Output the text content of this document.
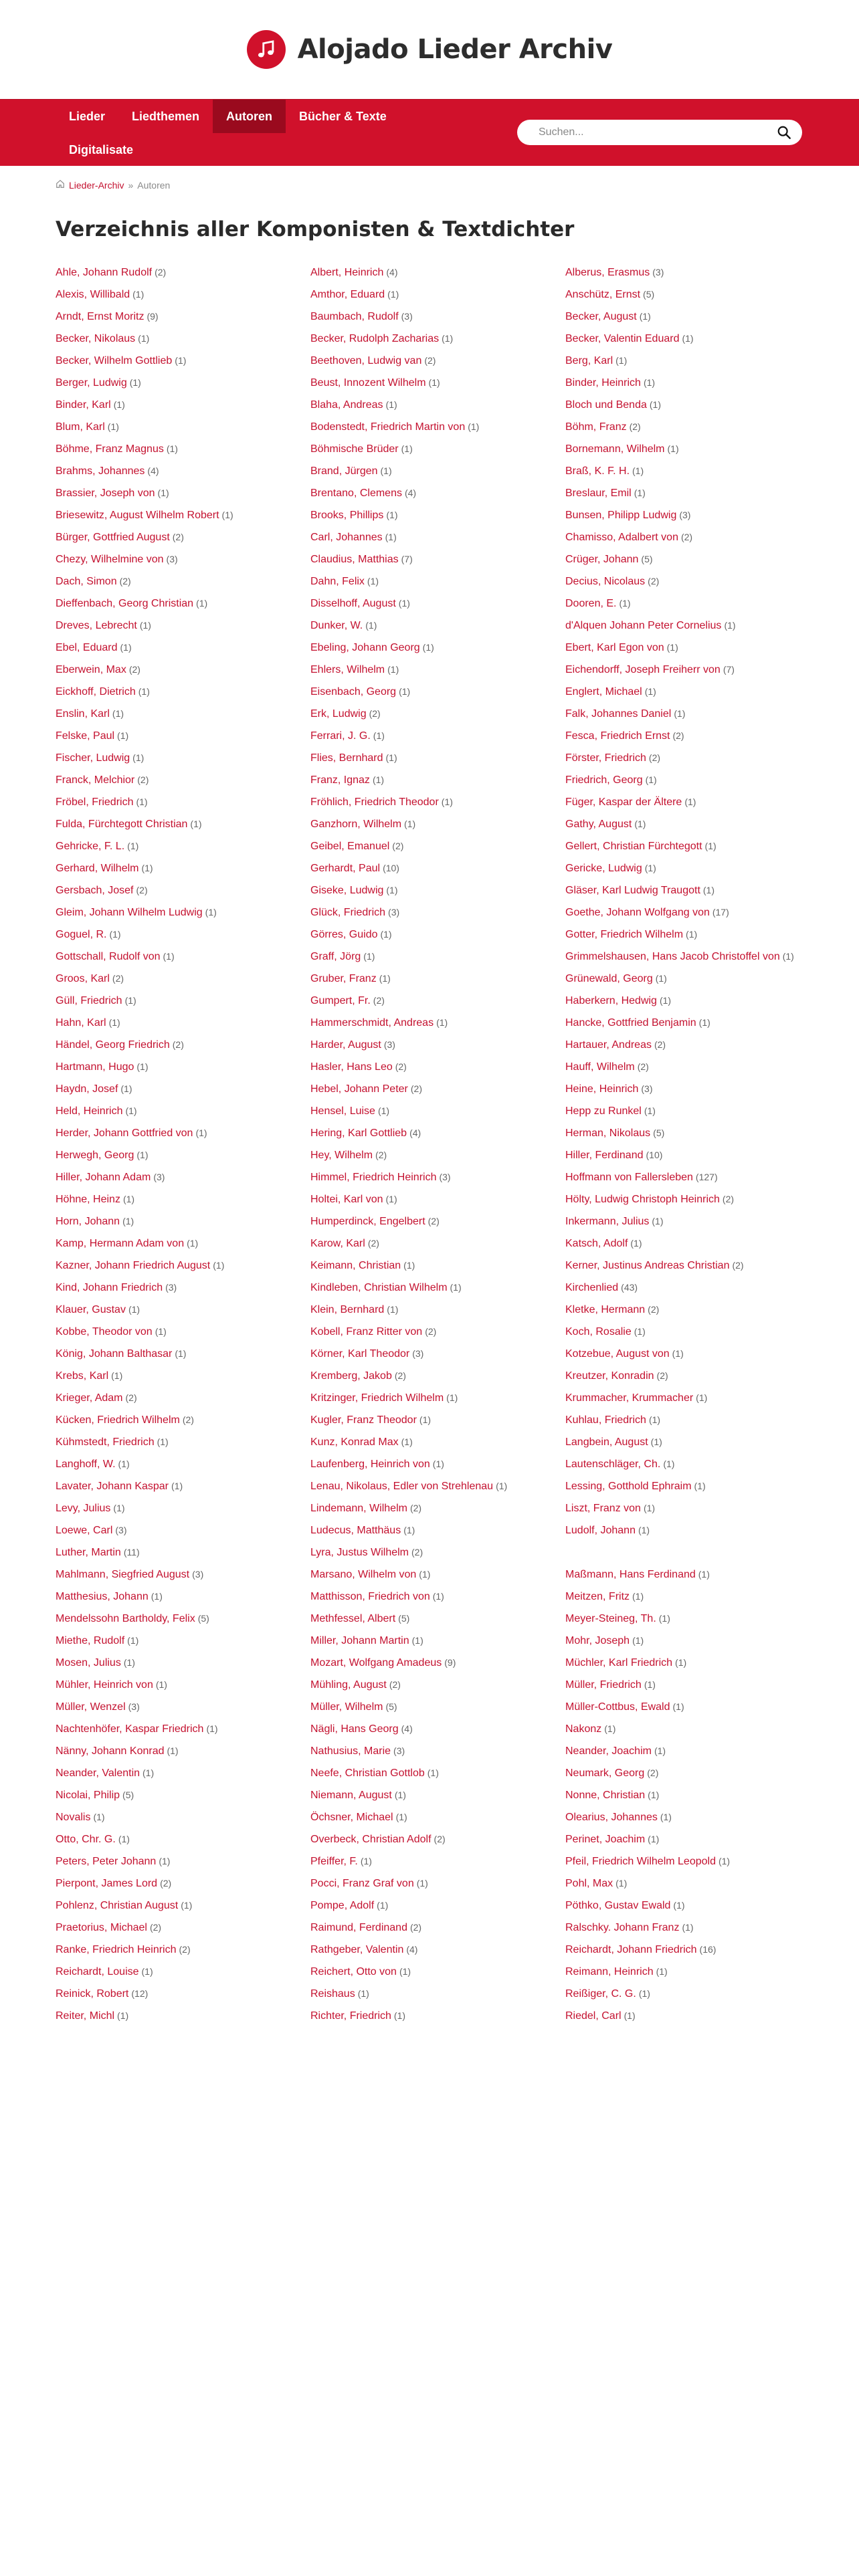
Alojado Lieder Archiv
Lieder	Liedthemen	Autoren	Bücher & Texte
Digitalisate
Suchen...
Lieder-Archiv » Autoren
Verzeichnis aller Komponisten & Textdichter
Ahle, Johann Rudolf (2)	Albert, Heinrich (4)	Alberus, Erasmus (3)
Alexis, Willibald (1)	Amthor, Eduard (1)	Anschütz, Ernst (5)
Arndt, Ernst Moritz (9)	Baumbach, Rudolf (3)	Becker, August (1)
Becker, Nikolaus (1)	Becker, Rudolph Zacharias (1)	Becker, Valentin Eduard (1)
Becker, Wilhelm Gottlieb (1)	Beethoven, Ludwig van (2)	Berg, Karl (1)
Berger, Ludwig (1)	Beust, Innozent Wilhelm (1)	Binder, Heinrich (1)
Binder, Karl (1)	Blaha, Andreas (1)	Bloch und Benda (1)
Blum, Karl (1)	Bodenstedt, Friedrich Martin von (1)	Böhm, Franz (2)
Böhme, Franz Magnus (1)	Böhmische Brüder (1)	Bornemann, Wilhelm (1)
Brahms, Johannes (4)	Brand, Jürgen (1)	Braß, K. F. H. (1)
Brassier, Joseph von (1)	Brentano, Clemens (4)	Breslaur, Emil (1)
Briesewitz, August Wilhelm Robert (1)	Brooks, Phillips (1)	Bunsen, Philipp Ludwig (3)
Bürger, Gottfried August (2)	Carl, Johannes (1)	Chamisso, Adalbert von (2)
Chezy, Wilhelmine von (3)	Claudius, Matthias (7)	Crüger, Johann (5)
Dach, Simon (2)	Dahn, Felix (1)	Decius, Nicolaus (2)
Dieffenbach, Georg Christian (1)	Disselhoff, August (1)	Dooren, E. (1)
Dreves, Lebrecht (1)	Dunker, W. (1)	d'Alquen Johann Peter Cornelius (1)
Ebel, Eduard (1)	Ebeling, Johann Georg (1)	Ebert, Karl Egon von (1)
Eberwein, Max (2)	Ehlers, Wilhelm (1)	Eichendorff, Joseph Freiherr von (7)
Eickhoff, Dietrich (1)	Eisenbach, Georg (1)	Englert, Michael (1)
Enslin, Karl (1)	Erk, Ludwig (2)	Falk, Johannes Daniel (1)
Felske, Paul (1)	Ferrari, J. G. (1)	Fesca, Friedrich Ernst (2)
Fischer, Ludwig (1)	Flies, Bernhard (1)	Förster, Friedrich (2)
Franck, Melchior (2)	Franz, Ignaz (1)	Friedrich, Georg (1)
Fröbel, Friedrich (1)	Fröhlich, Friedrich Theodor (1)	Füger, Kaspar der Ältere (1)
Fulda, Fürchtegott Christian (1)	Ganzhorn, Wilhelm (1)	Gathy, August (1)
Gehricke, F. L. (1)	Geibel, Emanuel (2)	Gellert, Christian Fürchtegott (1)
Gerhard, Wilhelm (1)	Gerhardt, Paul (10)	Gericke, Ludwig (1)
Gersbach, Josef (2)	Giseke, Ludwig (1)	Gläser, Karl Ludwig Traugott (1)
Gleim, Johann Wilhelm Ludwig (1)	Glück, Friedrich (3)	Goethe, Johann Wolfgang von (17)
Goguel, R. (1)	Görres, Guido (1)	Gotter, Friedrich Wilhelm (1)
Gottschall, Rudolf von (1)	Graff, Jörg (1)	Grimmelshausen, Hans Jacob Christoffel von (1)
Groos, Karl (2)	Gruber, Franz (1)	Grünewald, Georg (1)
Güll, Friedrich (1)	Gumpert, Fr. (2)	Haberkern, Hedwig (1)
Hahn, Karl (1)	Hammerschmidt, Andreas (1)	Hancke, Gottfried Benjamin (1)
Händel, Georg Friedrich (2)	Harder, August (3)	Hartauer, Andreas (2)
Hartmann, Hugo (1)	Hasler, Hans Leo (2)	Hauff, Wilhelm (2)
Haydn, Josef (1)	Hebel, Johann Peter (2)	Heine, Heinrich (3)
Held, Heinrich (1)	Hensel, Luise (1)	Hepp zu Runkel (1)
Herder, Johann Gottfried von (1)	Hering, Karl Gottlieb (4)	Herman, Nikolaus (5)
Herwegh, Georg (1)	Hey, Wilhelm (2)	Hiller, Ferdinand (10)
Hiller, Johann Adam (3)	Himmel, Friedrich Heinrich (3)	Hoffmann von Fallersleben (127)
Höhne, Heinz (1)	Holtei, Karl von (1)	Hölty, Ludwig Christoph Heinrich (2)
Horn, Johann (1)	Humperdinck, Engelbert (2)	Inkermann, Julius (1)
Kamp, Hermann Adam von (1)	Karow, Karl (2)	Katsch, Adolf (1)
Kazner, Johann Friedrich August (1)	Keimann, Christian (1)	Kerner, Justinus Andreas Christian (2)
Kind, Johann Friedrich (3)	Kindleben, Christian Wilhelm (1)	Kirchenlied (43)
Klauer, Gustav (1)	Klein, Bernhard (1)	Kletke, Hermann (2)
Kobbe, Theodor von (1)	Kobell, Franz Ritter von (2)	Koch, Rosalie (1)
König, Johann Balthasar (1)	Körner, Karl Theodor (3)	Kotzebue, August von (1)
Krebs, Karl (1)	Kremberg, Jakob (2)	Kreutzer, Konradin (2)
Krieger, Adam (2)	Kritzinger, Friedrich Wilhelm (1)	Krummacher, Krummacher (1)
Kücken, Friedrich Wilhelm (2)	Kugler, Franz Theodor (1)	Kuhlau, Friedrich (1)
Kühmstedt, Friedrich (1)	Kunz, Konrad Max (1)	Langbein, August (1)
Langhoff, W. (1)	Laufenberg, Heinrich von (1)	Lautenschläger, Ch. (1)
Lavater, Johann Kaspar (1)	Lenau, Nikolaus, Edler von Strehlenau (1)	Lessing, Gotthold Ephraim (1)
Levy, Julius (1)	Lindemann, Wilhelm (2)	Liszt, Franz von (1)
Loewe, Carl (3)	Ludecus, Matthäus (1)	Ludolf, Johann (1)
Luther, Martin (11)	Lyra, Justus Wilhelm (2)
Mahlmann, Siegfried August (3)	Marsano, Wilhelm von (1)	Maßmann, Hans Ferdinand (1)
Matthesius, Johann (1)	Matthisson, Friedrich von (1)	Meitzen, Fritz (1)
Mendelssohn Bartholdy, Felix (5)	Methfessel, Albert (5)	Meyer-Steineg, Th. (1)
Miethe, Rudolf (1)	Miller, Johann Martin (1)	Mohr, Joseph (1)
Mosen, Julius (1)	Mozart, Wolfgang Amadeus (9)	Müchler, Karl Friedrich (1)
Mühler, Heinrich von (1)	Mühling, August (2)	Müller, Friedrich (1)
Müller, Wenzel (3)	Müller, Wilhelm (5)	Müller-Cottbus, Ewald (1)
Nachtenhöfer, Kaspar Friedrich (1)	Nägli, Hans Georg (4)	Nakonz (1)
Nänny, Johann Konrad (1)	Nathusius, Marie (3)	Neander, Joachim (1)
Neander, Valentin (1)	Neefe, Christian Gottlob (1)	Neumark, Georg (2)
Nicolai, Philip (5)	Niemann, August (1)	Nonne, Christian (1)
Novalis (1)	Öchsner, Michael (1)	Olearius, Johannes (1)
Otto, Chr. G. (1)	Overbeck, Christian Adolf (2)	Perinet, Joachim (1)
Peters, Peter Johann (1)	Pfeiffer, F. (1)	Pfeil, Friedrich Wilhelm Leopold (1)
Pierpont, James Lord (2)	Pocci, Franz Graf von (1)	Pohl, Max (1)
Pohlenz, Christian August (1)	Pompe, Adolf (1)	Pöthko, Gustav Ewald (1)
Praetorius, Michael (2)	Raimund, Ferdinand (2)	Ralschky. Johann Franz (1)
Ranke, Friedrich Heinrich (2)	Rathgeber, Valentin (4)	Reichardt, Johann Friedrich (16)
Reichardt, Louise (1)	Reichert, Otto von (1)	Reimann, Heinrich (1)
Reinick, Robert (12)	Reishaus (1)	Reißiger, C. G. (1)
Reiter, Michl (1)	Richter, Friedrich (1)	Riedel, Carl (1)
